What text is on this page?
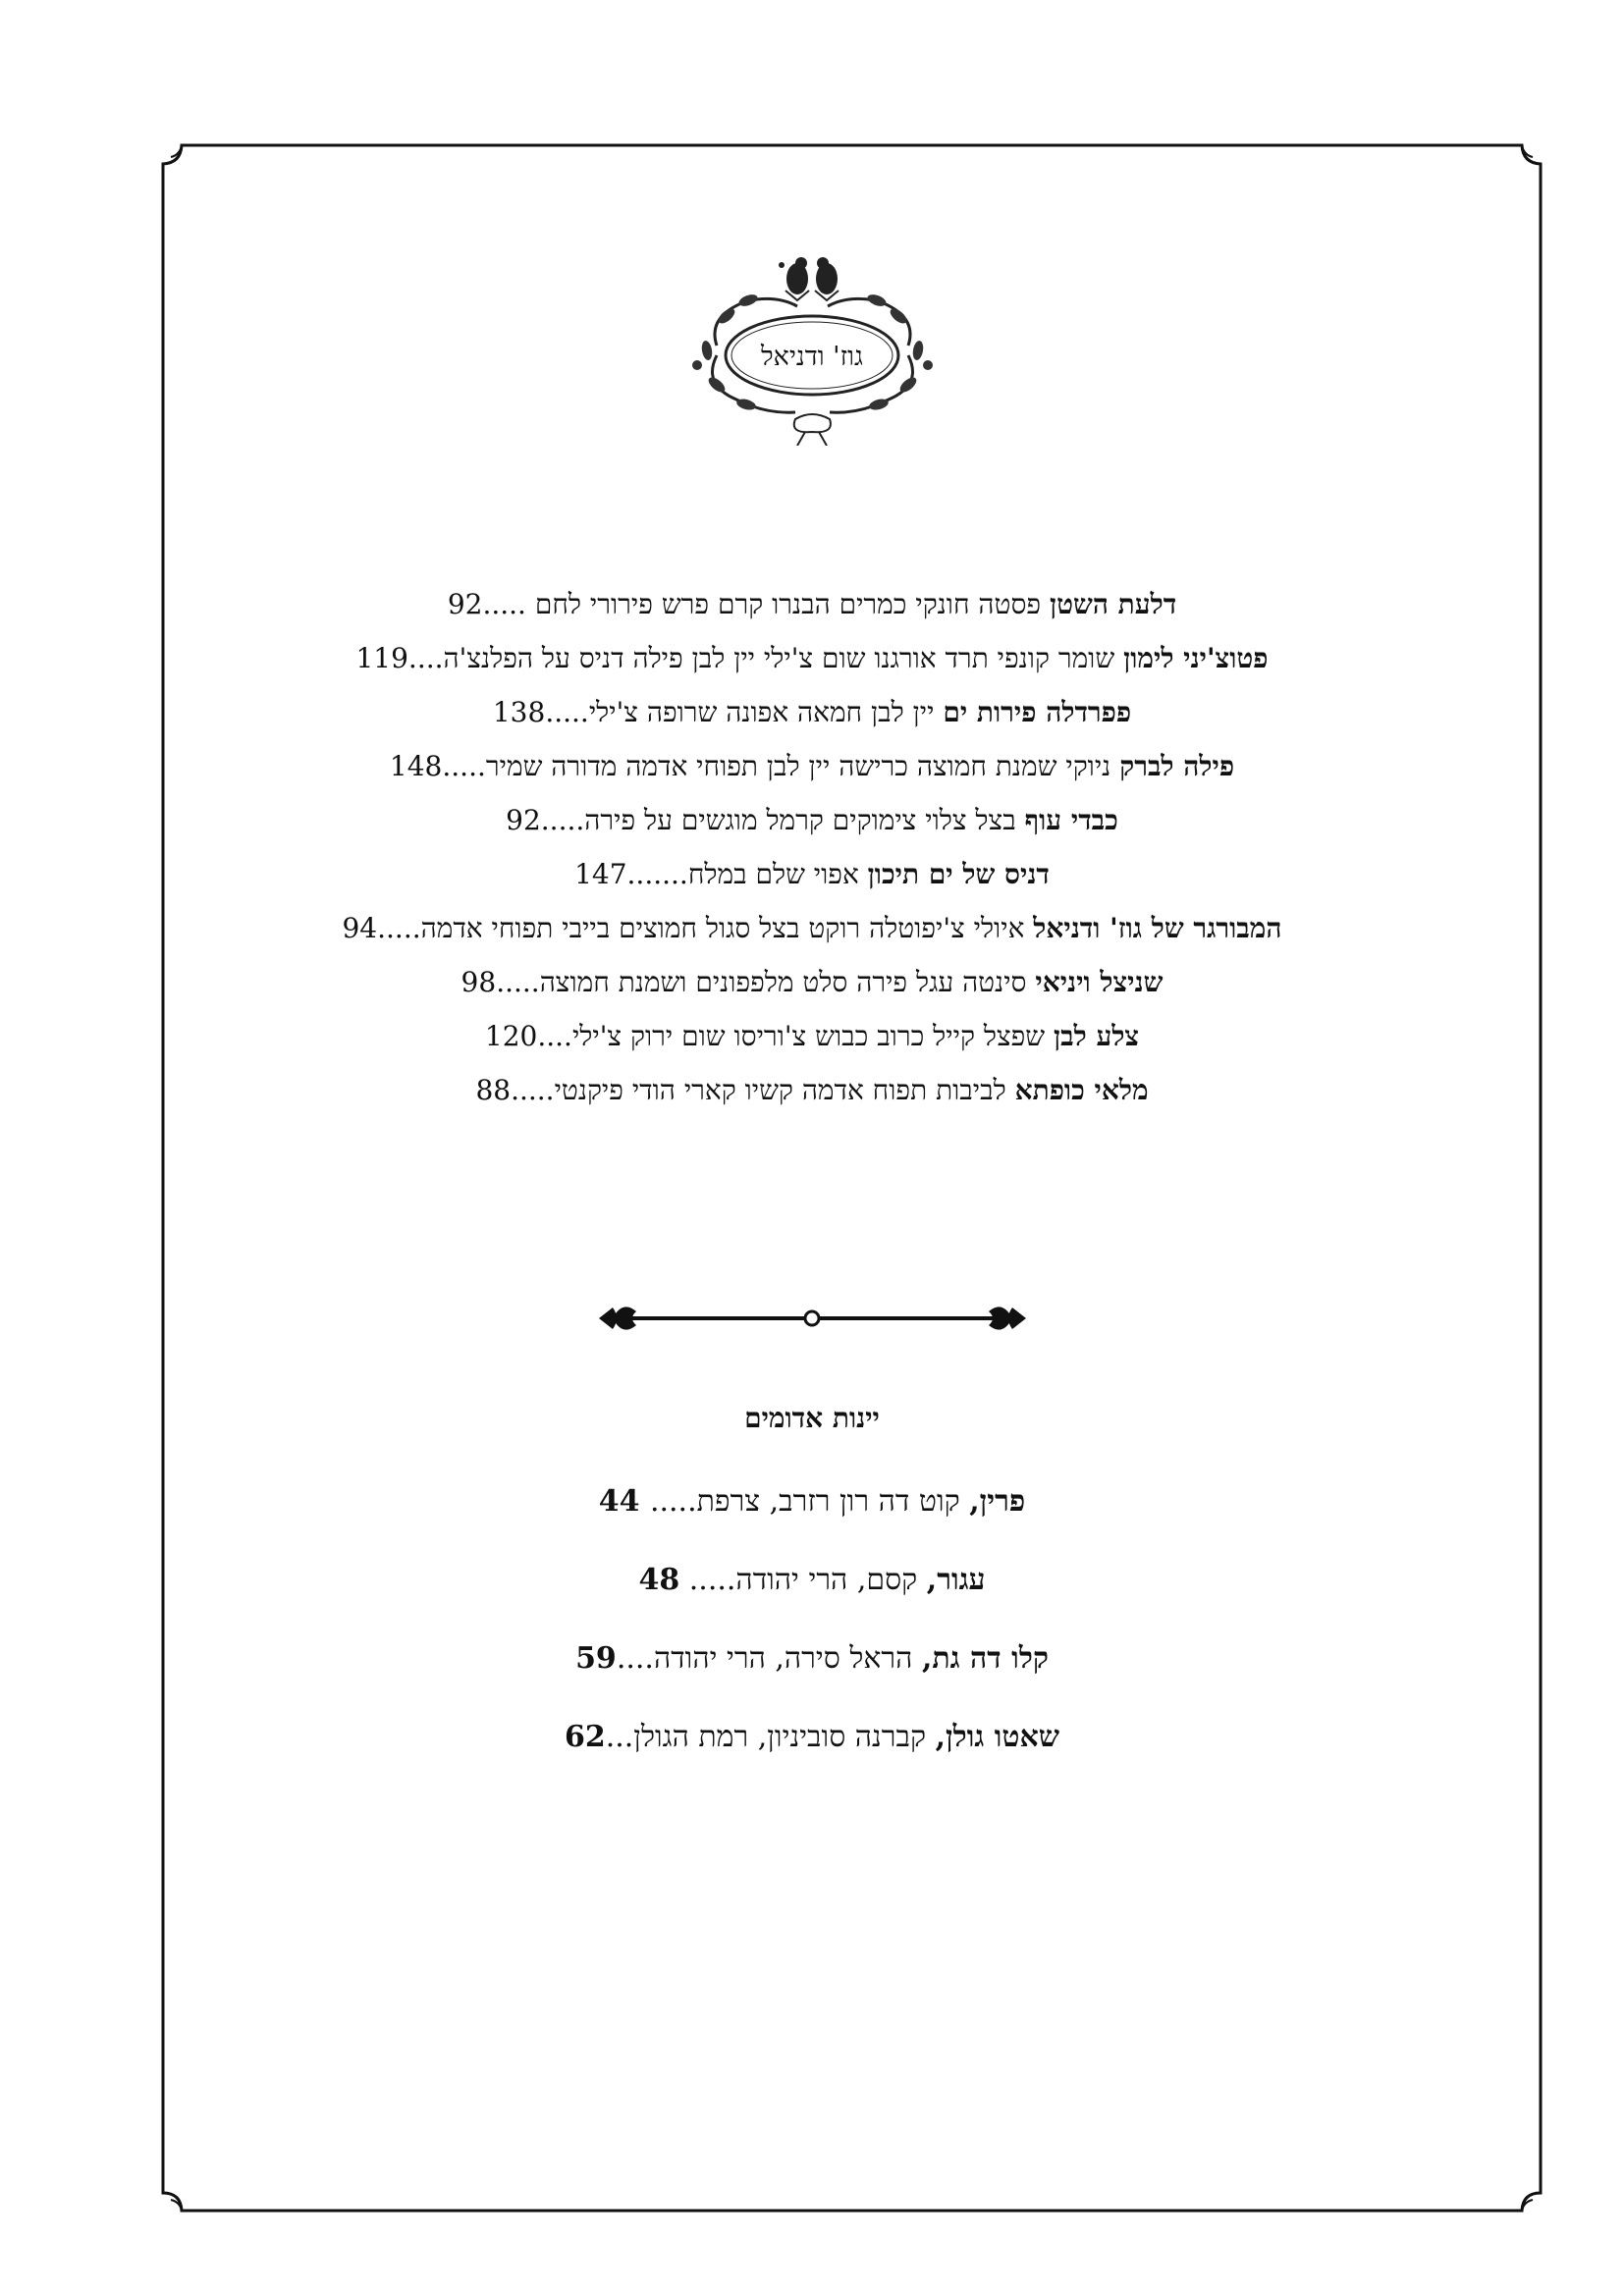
גוז' ודניאל
דלעת השטן פסטה חונקי כמרים הבנרו קרם פרש פירורי לחם .....92
פטוצ'יני לימון שומר קונפי תרד אורגנו שום צ'ילי יין לבן פילה דניס על הפלנצ'ה....119
פפרדלה פירות ים יין לבן חמאה אפונה שרופה צ'ילי.....138
פילה לברק ניוקי שמנת חמוצה כרישה יין לבן תפוחי אדמה מדורה שמיר.....148
כבדי עוף בצל צלוי צימוקים קרמל מוגשים על פירה.....92
דניס של ים תיכון אפוי שלם במלח.......147
המבורגר של גוז' ודניאל איולי צ'יפוטלה רוקט בצל סגול חמוצים בייבי תפוחי אדמה.....94
שניצל ויניאי סינטה עגל פירה סלט מלפפונים ושמנת חמוצה.....98
צלע לבן שפצל קייל כרוב כבוש צ'וריסו שום ירוק צ'ילי....120
מלאי כופתא לביבות תפוח אדמה קשיו קארי הודי פיקנטי.....88
יינות אדומים
פרין, קוט דה רון רזרב, צרפת..... 44
עגור, קסם, הרי יהודה..... 48
קלו דה גת, הראל סירה, הרי יהודה....59
שאטו גולן, קברנה סוביניון, רמת הגולן...62
